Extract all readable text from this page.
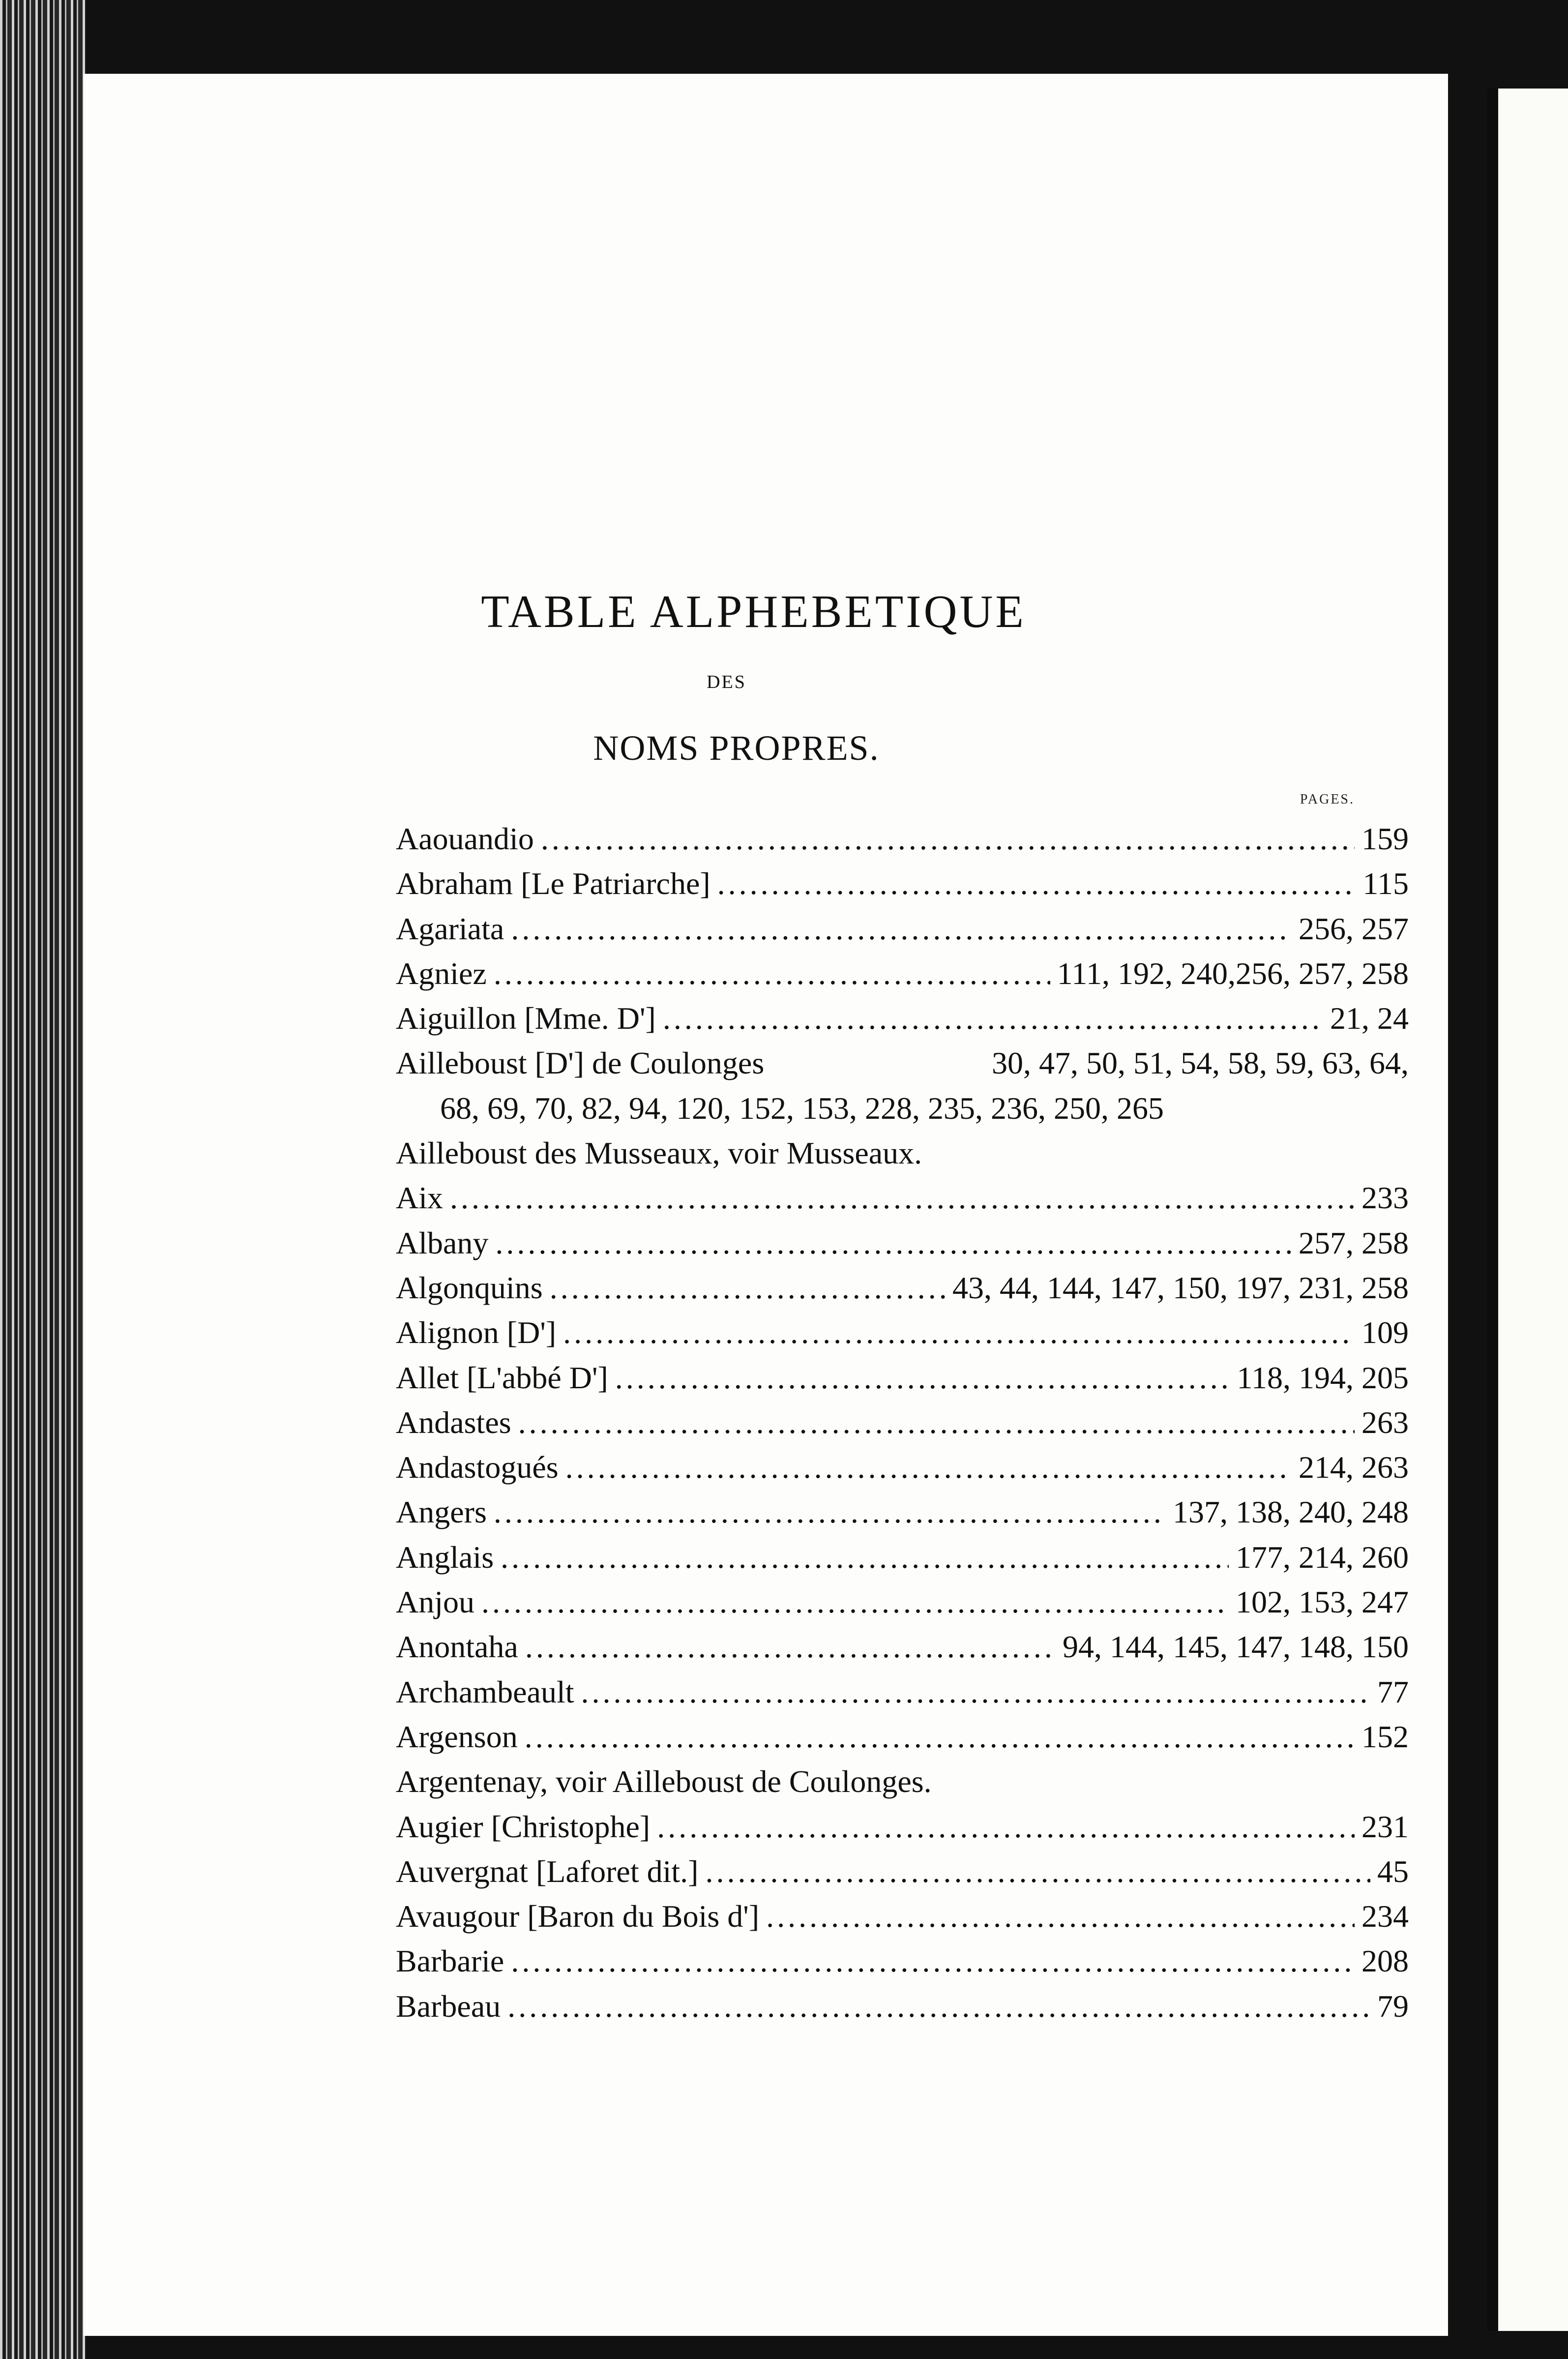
TABLE ALPHEBETIQUE
DES
NOMS PROPRES.
PAGES.
Aaouandio .....	159
Abraham [Le Patriarche] .....	115
Agariata .....	256, 257
Agniez .....	111, 192, 240,256, 257, 258
Aiguillon [Mme. D'] .....	21, 24
Ailleboust [D'] de Coulonges	30, 47, 50, 51, 54, 58, 59, 63, 64,
68, 69, 70, 82, 94, 120, 152, 153, 228, 235, 236, 250, 265
Ailleboust des Musseaux, voir Musseaux.
Aix .....	233
Albany .....	257, 258
Algonquins .....	43, 44, 144, 147, 150, 197, 231, 258
Alignon [D'] .....	109
Allet [L'abbé D'] .....	118, 194, 205
Andastes .....	263
Andastogués .....	214, 263
Angers .....	137, 138, 240, 248
Anglais .....	177, 214, 260
Anjou .....	102, 153, 247
Anontaha .....	94, 144, 145, 147, 148, 150
Archambeault .....	77
Argenson .....	152
Argentenay, voir Ailleboust de Coulonges.
Augier [Christophe] .....	231
Auvergnat [Laforet dit.] .....	45
Avaugour [Baron du Bois d'] .....	234
Barbarie .....	208
Barbeau .....	79
